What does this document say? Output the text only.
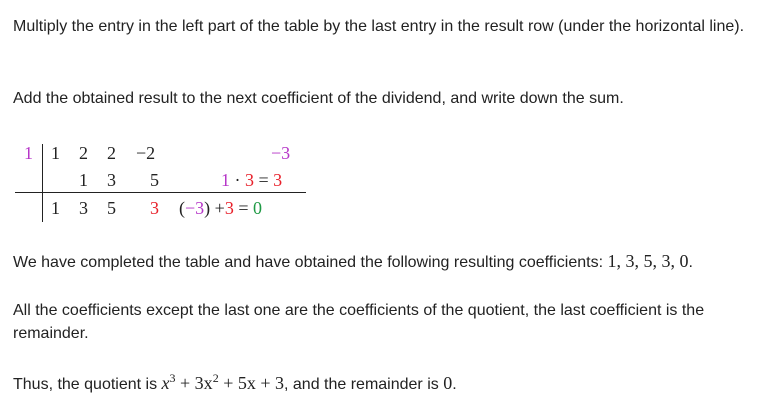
Multiply the entry in the left part of the table by the last entry in the result row (under the horizontal line).

Add the obtained result to the next coefficient of the dividend, and write down the sum.

1 1 2 2 −2	−3
1 3 5	1 · 3 = 3
1 3 5 3 (−3) +3 = 0

We have completed the table and have obtained the following resulting coefficients: 1, 3, 5, 3, 0.

All the coefficients except the last one are the coefficients of the quotient, the last coefficient is the remainder.

Thus, the quotient is $x^3 + 3x^2 + 5x + 3$, and the remainder is 0.
